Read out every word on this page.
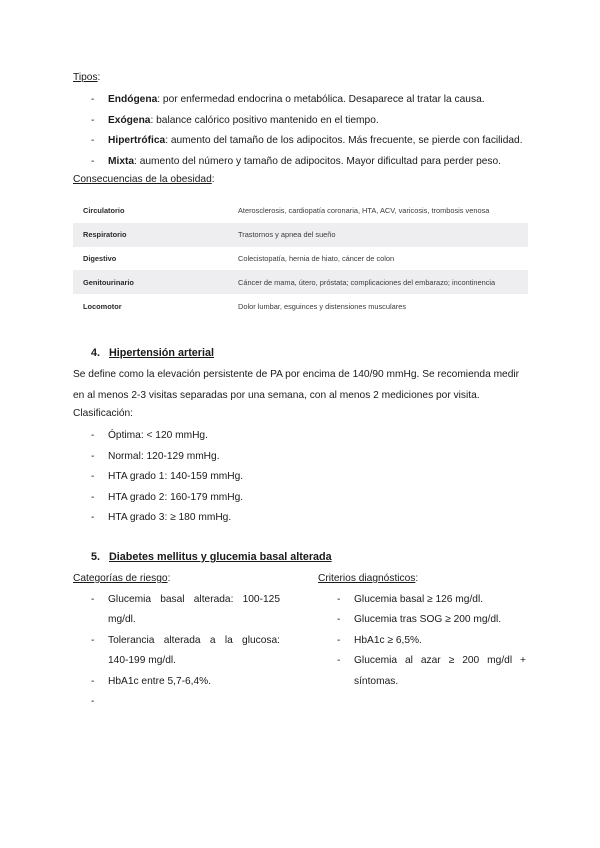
Tipos:
- Endógena: por enfermedad endocrina o metabólica. Desaparece al tratar la causa.
- Exógena: balance calórico positivo mantenido en el tiempo.
- Hipertrófica: aumento del tamaño de los adipocitos. Más frecuente, se pierde con facilidad.
- Mixta: aumento del número y tamaño de adipocitos. Mayor dificultad para perder peso.
Consecuencias de la obesidad:
Circulatorio	Aterosclerosis, cardiopatía coronaria, HTA, ACV, varicosis, trombosis venosa
Respiratorio	Trastornos y apnea del sueño
Digestivo	Colecistopatía, hernia de hiato, cáncer de colon
Genitourinario	Cáncer de mama, útero, próstata; complicaciones del embarazo; incontinencia
Locomotor	Dolor lumbar, esguinces y distensiones musculares
4. Hipertensión arterial

Se define como la elevación persistente de PA por encima de 140/90 mmHg. Se recomienda medir en al menos 2-3 visitas separadas por una semana, con al menos 2 mediciones por visita.

Clasificación:
- Óptima: < 120 mmHg.
- Normal: 120-129 mmHg.
- HTA grado 1: 140-159 mmHg.
- HTA grado 2: 160-179 mmHg.
- HTA grado 3: ≥ 180 mmHg.
5. Diabetes mellitus y glucemia basal alterada
Categorías de riesgo:	Criterios diagnósticos:
- Glucemia basal alterada: 100-125
mg/dl.
- Tolerancia alterada a la glucosa:
140-199 mg/dl.
- HbA1c entre 5,7-6,4%.
-
- Glucemia basal ≥ 126 mg/dl.
- Glucemia tras SOG ≥ 200 mg/dl.
- HbA1c ≥ 6,5%.
- Glucemia al azar ≥ 200 mg/dl +
síntomas.
